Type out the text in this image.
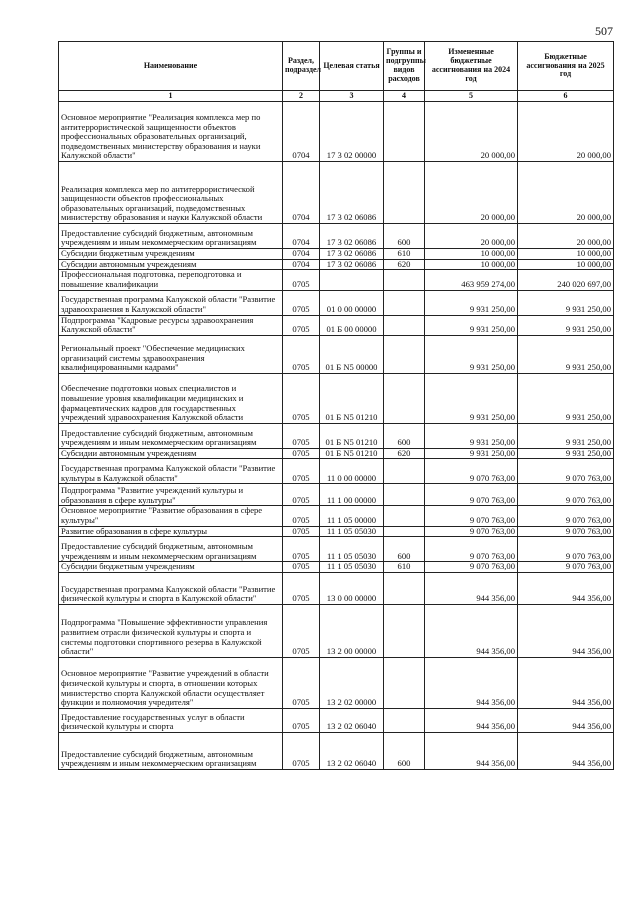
507
Наименование	Раздел, подраздел	Целевая статья	Группы и подгруппы видов расходов	Измененные бюджетные ассигнования на 2024 год	Бюджетные ассигнования на 2025 год
1	2	3	4	5	6
Основное мероприятие "Реализация комплекса мер по антитеррористической защищенности объектов профессиональных образовательных организаций, подведомственных министерству образования и науки Калужской области"	0704	17 3 02 00000		20 000,00	20 000,00
Реализация комплекса мер по антитеррористической защищенности объектов профессиональных образовательных организаций, подведомственных министерству образования и науки Калужской области	0704	17 3 02 06086		20 000,00	20 000,00
Предоставление субсидий бюджетным, автономным учреждениям и иным некоммерческим организациям	0704	17 3 02 06086	600	20 000,00	20 000,00
Субсидии бюджетным учреждениям	0704	17 3 02 06086	610	10 000,00	10 000,00
Субсидии автономным учреждениям	0704	17 3 02 06086	620	10 000,00	10 000,00
Профессиональная подготовка, переподготовка и повышение квалификации	0705			463 959 274,00	240 020 697,00
Государственная программа Калужской области "Развитие здравоохранения в Калужской области"	0705	01 0 00 00000		9 931 250,00	9 931 250,00
Подпрограмма "Кадровые ресурсы здравоохранения Калужской области"	0705	01 Б 00 00000		9 931 250,00	9 931 250,00
Региональный проект "Обеспечение медицинских организаций системы здравоохранения квалифицированными кадрами"	0705	01 Б N5 00000		9 931 250,00	9 931 250,00
Обеспечение подготовки новых специалистов и повышение уровня квалификации медицинских и фармацевтических кадров для государственных учреждений здравоохранения Калужской области	0705	01 Б N5 01210		9 931 250,00	9 931 250,00
Предоставление субсидий бюджетным, автономным учреждениям и иным некоммерческим организациям	0705	01 Б N5 01210	600	9 931 250,00	9 931 250,00
Субсидии автономным учреждениям	0705	01 Б N5 01210	620	9 931 250,00	9 931 250,00
Государственная программа Калужской области "Развитие культуры в Калужской области"	0705	11 0 00 00000		9 070 763,00	9 070 763,00
Подпрограмма "Развитие учреждений культуры и образования в сфере культуры"	0705	11 1 00 00000		9 070 763,00	9 070 763,00
Основное мероприятие "Развитие образования в сфере культуры"	0705	11 1 05 00000		9 070 763,00	9 070 763,00
Развитие образования в сфере культуры	0705	11 1 05 05030		9 070 763,00	9 070 763,00
Предоставление субсидий бюджетным, автономным учреждениям и иным некоммерческим организациям	0705	11 1 05 05030	600	9 070 763,00	9 070 763,00
Субсидии бюджетным учреждениям	0705	11 1 05 05030	610	9 070 763,00	9 070 763,00
Государственная программа Калужской области "Развитие физической культуры и спорта в Калужской области"	0705	13 0 00 00000		944 356,00	944 356,00
Подпрограмма "Повышение эффективности управления развитием отрасли физической культуры и спорта и системы подготовки спортивного резерва в Калужской области"	0705	13 2 00 00000		944 356,00	944 356,00
Основное мероприятие "Развитие учреждений в области физической культуры и спорта, в отношении которых министерство спорта Калужской области осуществляет функции и полномочия учредителя"	0705	13 2 02 00000		944 356,00	944 356,00
Предоставление государственных услуг в области физической культуры и спорта	0705	13 2 02 06040		944 356,00	944 356,00
Предоставление субсидий бюджетным, автономным учреждениям и иным некоммерческим организациям	0705	13 2 02 06040	600	944 356,00	944 356,00
